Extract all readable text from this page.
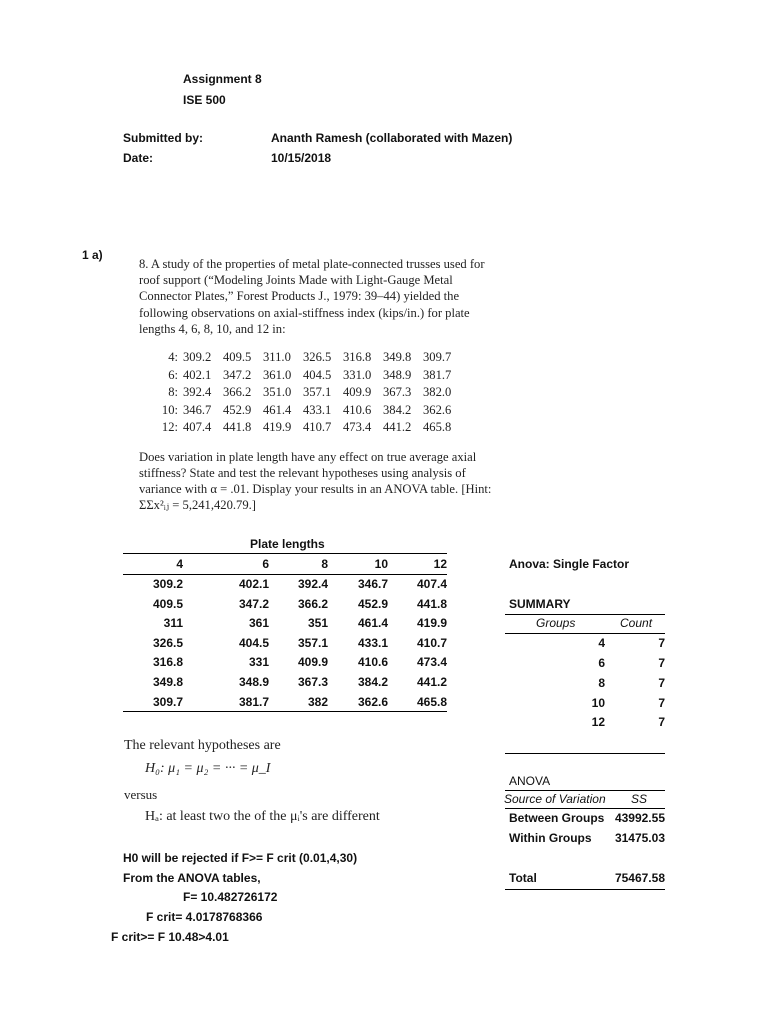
Assignment 8
ISE 500
Submitted by:	Ananth Ramesh (collaborated with Mazen)
Date:	10/15/2018
1 a)

8. A study of the properties of metal plate-connected trusses used for roof support (“Modeling Joints Made with Light-Gauge Metal Connector Plates,” Forest Products J., 1979: 39–44) yielded the following observations on axial-stiffness index (kips/in.) for plate lengths 4, 6, 8, 10, and 12 in:

4: 309.2 409.5 311.0 326.5 316.8 349.8 309.7
6: 402.1 347.2 361.0 404.5 331.0 348.9 381.7
8: 392.4 366.2 351.0 357.1 409.9 367.3 382.0
10: 346.7 452.9 461.4 433.1 410.6 384.2 362.6
12: 407.4 441.8 419.9 410.7 473.4 441.2 465.8

Does variation in plate length have any effect on true average axial stiffness? State and test the relevant hypotheses using analysis of variance with α = .01. Display your results in an ANOVA table. [Hint: ΣΣx²ᵢⱼ = 5,241,420.79.]

Plate lengths
4	6	8	10	12
309.2	402.1	392.4	346.7	407.4
409.5	347.2	366.2	452.9	441.8
311	361	351	461.4	419.9
326.5	404.5	357.1	433.1	410.7
316.8	331	409.9	410.6	473.4
349.8	348.9	367.3	384.2	441.2
309.7	381.7	382	362.6	465.8
Anova: Single Factor
SUMMARY
Groups	Count
4	7
6	7
8	7
10	7
12	7
ANOVA
Source of Variation SS
Between Groups 43992.55
Within Groups	31475.03
Total	75467.58
The relevant hypotheses are
H₀: μ₁ = μ₂ = ··· = μ_I
versus
Hₐ: at least two the of the μᵢ's are different
H0 will be rejected if F>= F crit (0.01,4,30)
From the ANOVA tables,
F= 10.482726172
F crit= 4.0178768366
F crit>= F 10.48>4.01
